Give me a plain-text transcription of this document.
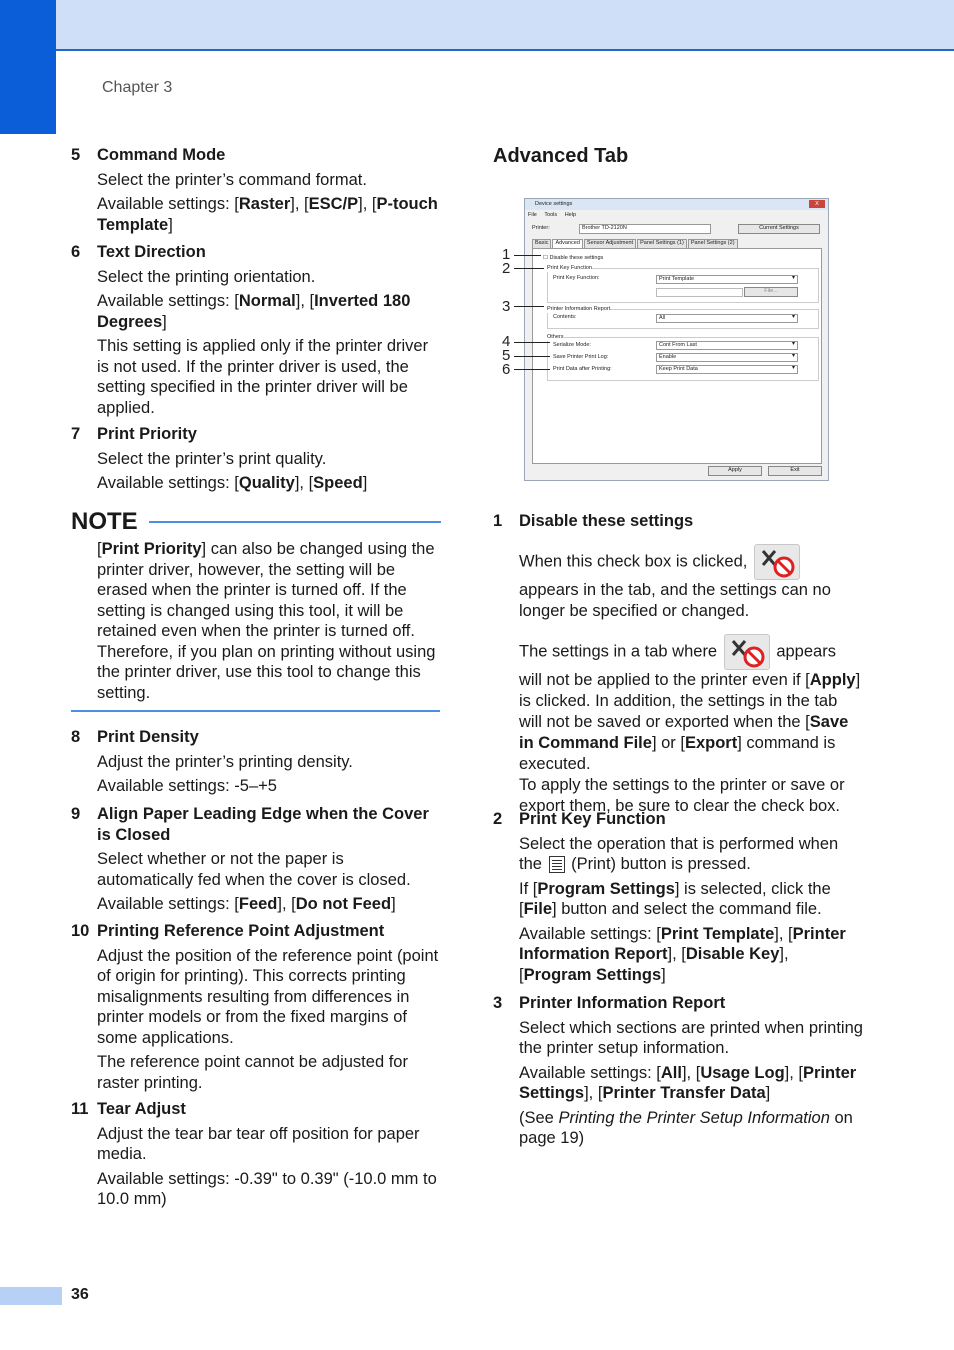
Chapter 3
5 Command Mode

Select the printer’s command format.

Available settings: [Raster], [ESC/P], [P-touch Template]

6 Text Direction

Select the printing orientation.

Available settings: [Normal], [Inverted 180 Degrees]

This setting is applied only if the printer driver is not used. If the printer driver is used, the setting specified in the printer driver will be applied.

7 Print Priority

Select the printer’s print quality.

Available settings: [Quality], [Speed]

NOTE
[Print Priority] can also be changed using the printer driver, however, the setting will be erased when the printer is turned off. If the setting is changed using this tool, it will be retained even when the printer is turned off. Therefore, if you plan on printing without using the printer driver, use this tool to change this setting.
8 Print Density

Adjust the printer’s printing density.

Available settings: -5–+5

9 Align Paper Leading Edge when the Cover is Closed

Select whether or not the paper is automatically fed when the cover is closed.

Available settings: [Feed], [Do not Feed]

10 Printing Reference Point Adjustment

Adjust the position of the reference point (point of origin for printing). This corrects printing misalignments resulting from differences in printer models or from the fixed margins of some applications.

The reference point cannot be adjusted for raster printing.

11 Tear Adjust

Adjust the tear bar tear off position for paper media.

Available settings: -0.39" to 0.39" (-10.0 mm to 10.0 mm)

Advanced Tab
Device settings	X
File Tools Help
Printer:	Brother TD-2120N	Current Settings
Basic Advanced Sensor Adjustment Panel Settings (1) Panel Settings (2)
☐ Disable these settings
Print Key Function
Print Key Function:	Print Template
▾
File...
Printer Information Report
Contents:	All
▾
Others
Serialize Mode:	Cont From Last
▾
Save Printer Print Log:	Enable
▾
Print Data after Printing:	Keep Print Data
▾
Apply	Exit
1
2
3
4
5
6
1 Disable these settings

When this check box is clicked,  appears in the tab, and the settings can no longer be specified or changed.

The settings in a tab where	appears will not be applied to the printer even if [Apply] is clicked. In addition, the settings in the tab will not be saved or exported when the [Save in Command File] or [Export] command is executed.
To apply the settings to the printer or save or export them, be sure to clear the check box.

2 Print Key Function

Select the operation that is performed when the (Print) button is pressed.

If [Program Settings] is selected, click the [File] button and select the command file.

Available settings: [Print Template], [Printer Information Report], [Disable Key], [Program Settings]

3 Printer Information Report

Select which sections are printed when printing the printer setup information.

Available settings: [All], [Usage Log], [Printer Settings], [Printer Transfer Data]

(See Printing the Printer Setup Information on page 19)

36
